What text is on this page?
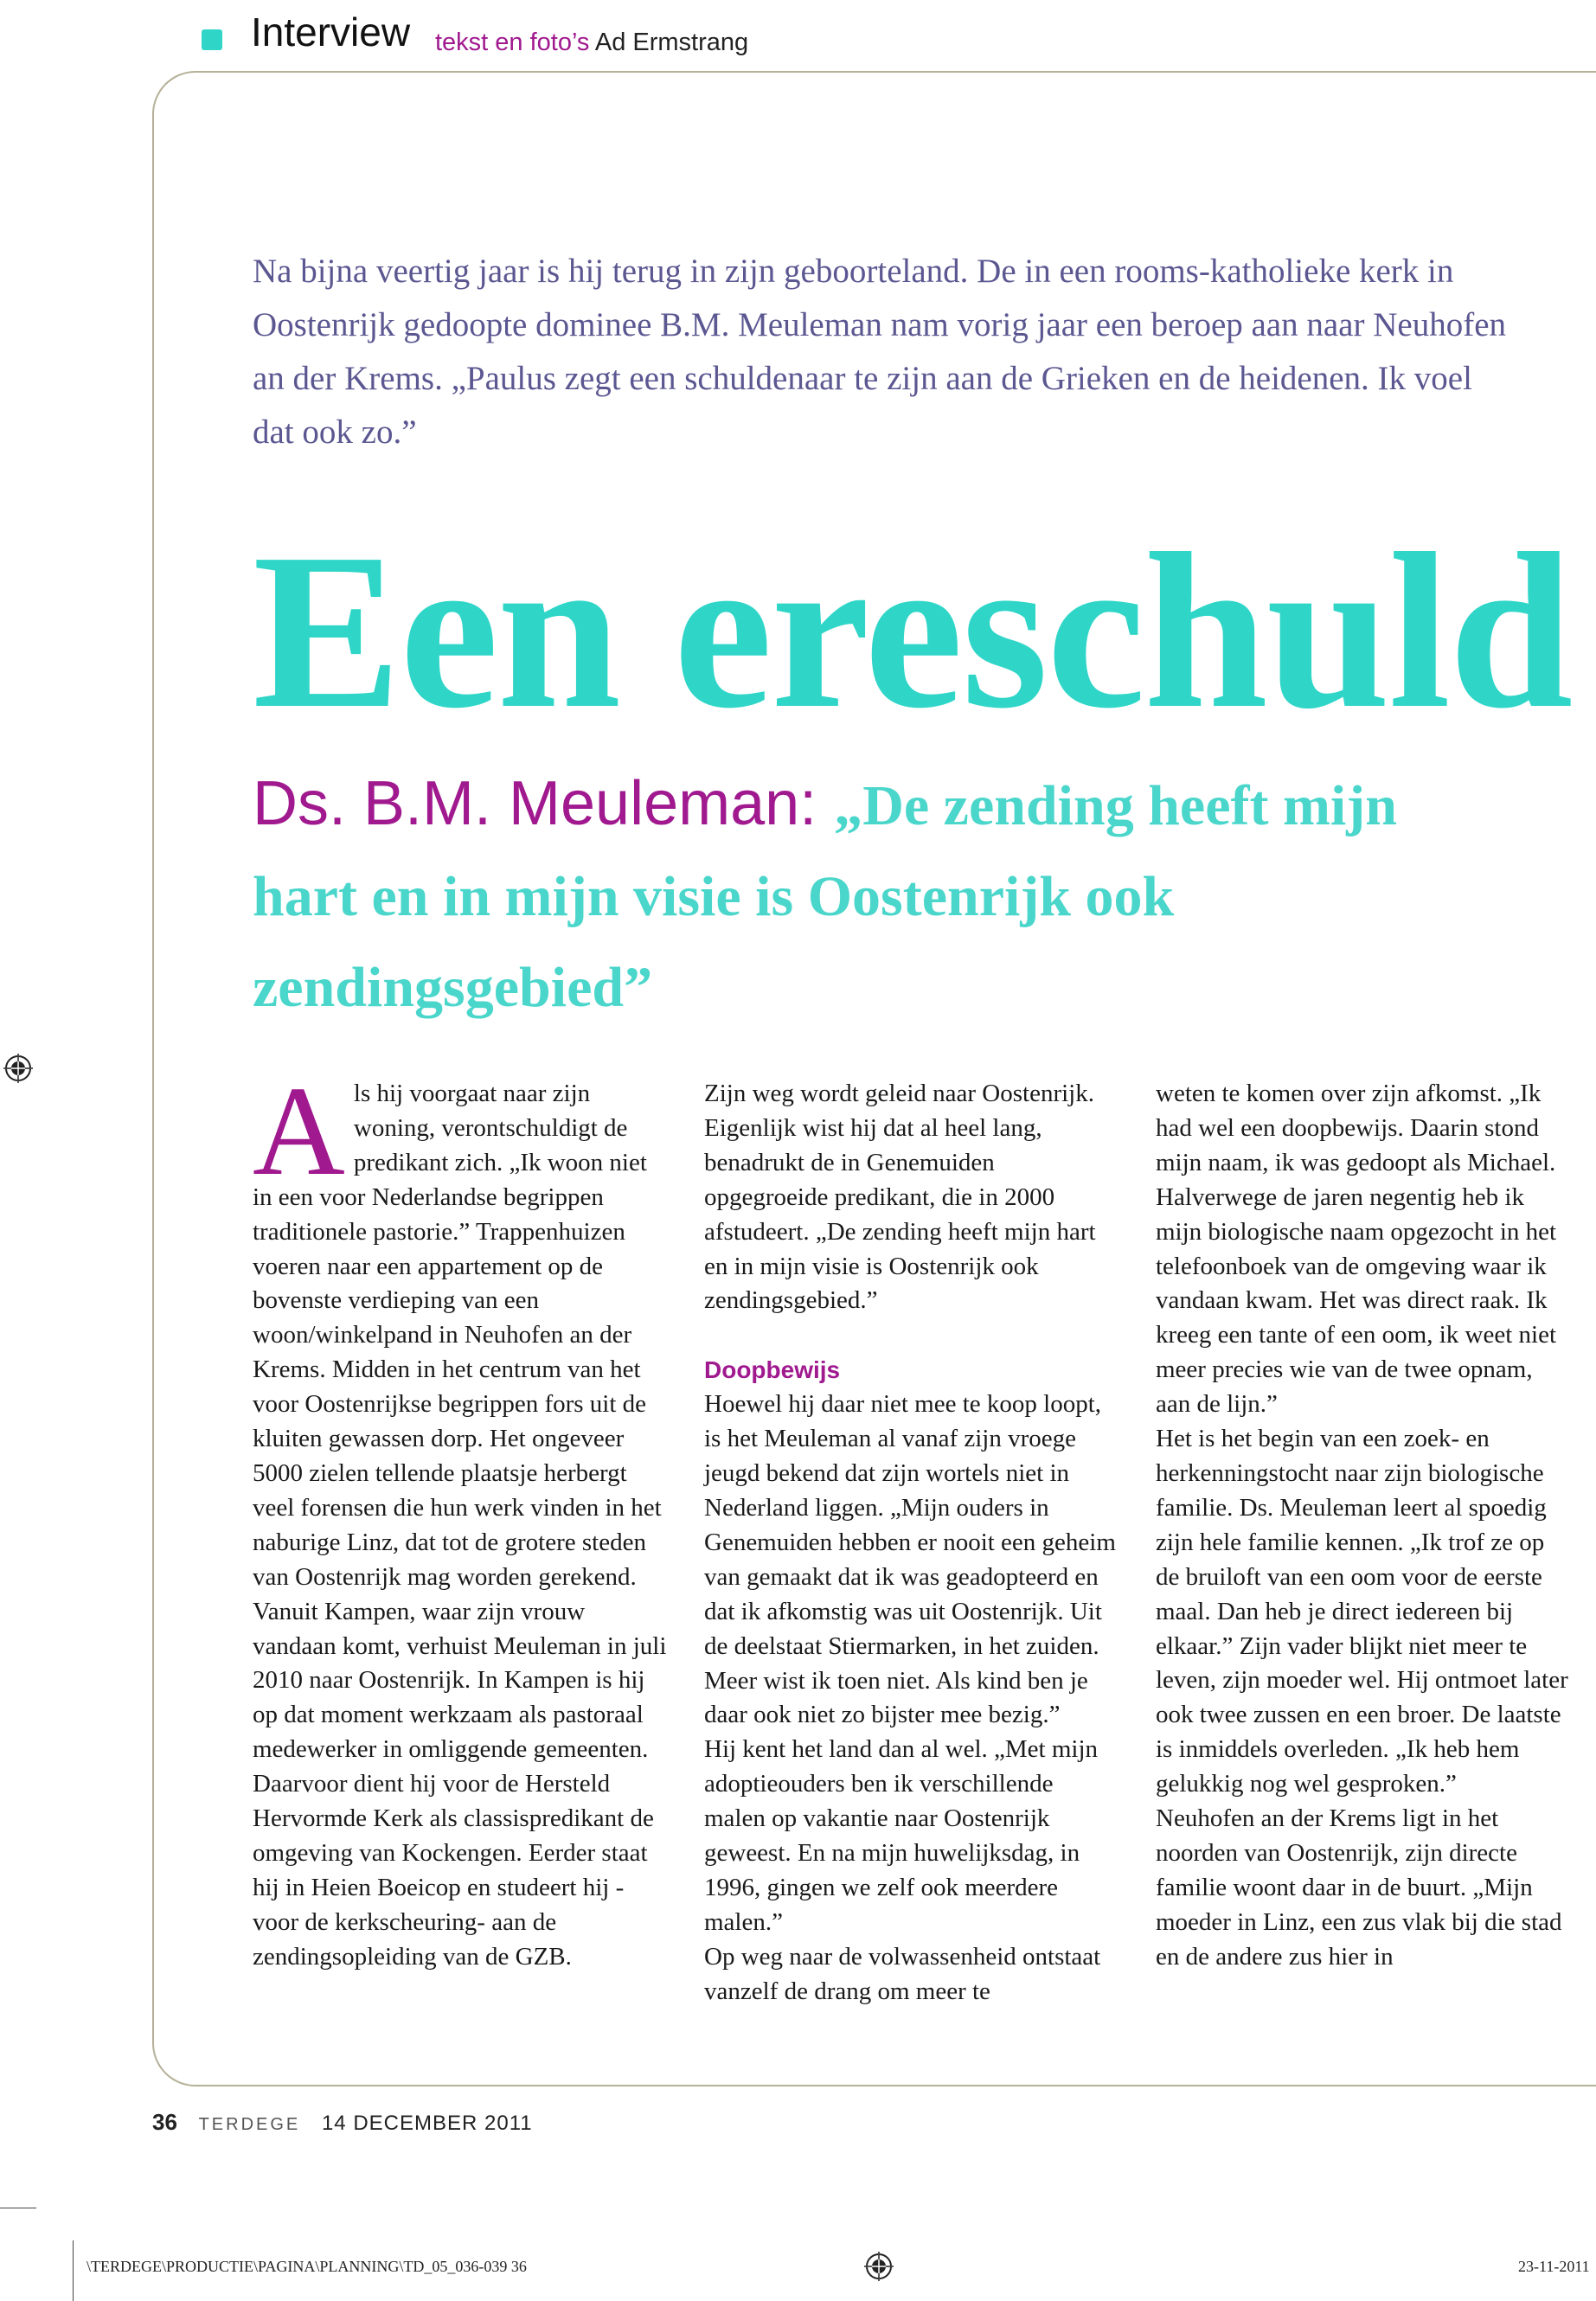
Interview tekst en foto’s Ad Ermstrang

Na bijna veertig jaar is hij terug in zijn geboorteland. De in een rooms-katholieke kerk in Oostenrijk gedoopte dominee B.M. Meuleman nam vorig jaar een beroep aan naar Neuhofen an der Krems. „Paulus zegt een schuldenaar te zijn aan de Grieken en de heidenen. Ik voel dat ook zo.”

Een ereschuld
Ds. B.M. Meuleman: „De zending heeft mijn hart en in mijn visie is Oostenrijk ook zendingsgebied”

Als hij voorgaat naar zijn woning, verontschuldigt de predikant zich. „Ik woon niet in een voor Nederlandse begrippen traditionele pastorie.” Trappenhuizen voeren naar een appartement op de bovenste verdieping van een woon/winkelpand in Neuhofen an der Krems. Midden in het centrum van het voor Oostenrijkse begrippen fors uit de kluiten gewassen dorp. Het ongeveer 5000 zielen tellende plaatsje herbergt veel forensen die hun werk vinden in het naburige Linz, dat tot de grotere steden van Oostenrijk mag worden gerekend. Vanuit Kampen, waar zijn vrouw vandaan komt, verhuist Meuleman in juli 2010 naar Oostenrijk. In Kampen is hij op dat moment werkzaam als pastoraal medewerker in omliggende gemeenten. Daarvoor dient hij voor de Hersteld Hervormde Kerk als classispredikant de omgeving van Kockengen. Eerder staat hij in Heien Boeicop en studeert hij -voor de kerkscheuring- aan de zendingsopleiding van de GZB.

Zijn weg wordt geleid naar Oostenrijk. Eigenlijk wist hij dat al heel lang, benadrukt de in Genemuiden opgegroeide predikant, die in 2000 afstudeert. „De zending heeft mijn hart en in mijn visie is Oostenrijk ook zendingsgebied.”

Doopbewijs

Hoewel hij daar niet mee te koop loopt, is het Meuleman al vanaf zijn vroege jeugd bekend dat zijn wortels niet in Nederland liggen. „Mijn ouders in Genemuiden hebben er nooit een geheim van gemaakt dat ik was geadopteerd en dat ik afkomstig was uit Oostenrijk. Uit de deelstaat Stiermarken, in het zuiden. Meer wist ik toen niet. Als kind ben je daar ook niet zo bijster mee bezig.”

Hij kent het land dan al wel. „Met mijn adoptieouders ben ik verschillende malen op vakantie naar Oostenrijk geweest. En na mijn huwelijksdag, in 1996, gingen we zelf ook meerdere malen.”

Op weg naar de volwassenheid ontstaat vanzelf de drang om meer te

weten te komen over zijn afkomst. „Ik had wel een doopbewijs. Daarin stond mijn naam, ik was gedoopt als Michael. Halverwege de jaren negentig heb ik mijn biologische naam opgezocht in het telefoonboek van de omgeving waar ik vandaan kwam. Het was direct raak. Ik kreeg een tante of een oom, ik weet niet meer precies wie van de twee opnam, aan de lijn.”

Het is het begin van een zoek- en herkenningstocht naar zijn biologische familie. Ds. Meuleman leert al spoedig zijn hele familie kennen. „Ik trof ze op de bruiloft van een oom voor de eerste maal. Dan heb je direct iedereen bij elkaar.” Zijn vader blijkt niet meer te leven, zijn moeder wel. Hij ontmoet later ook twee zussen en een broer. De laatste is inmiddels overleden. „Ik heb hem gelukkig nog wel gesproken.”

Neuhofen an der Krems ligt in het noorden van Oostenrijk, zijn directe familie woont daar in de buurt. „Mijn moeder in Linz, een zus vlak bij die stad en de andere zus hier in

36 TERDEGE 14 DECEMBER 2011
\TERDEGE\PRODUCTIE\PAGINA\PLANNING\TD_05_036-039 36	23-11-2011
